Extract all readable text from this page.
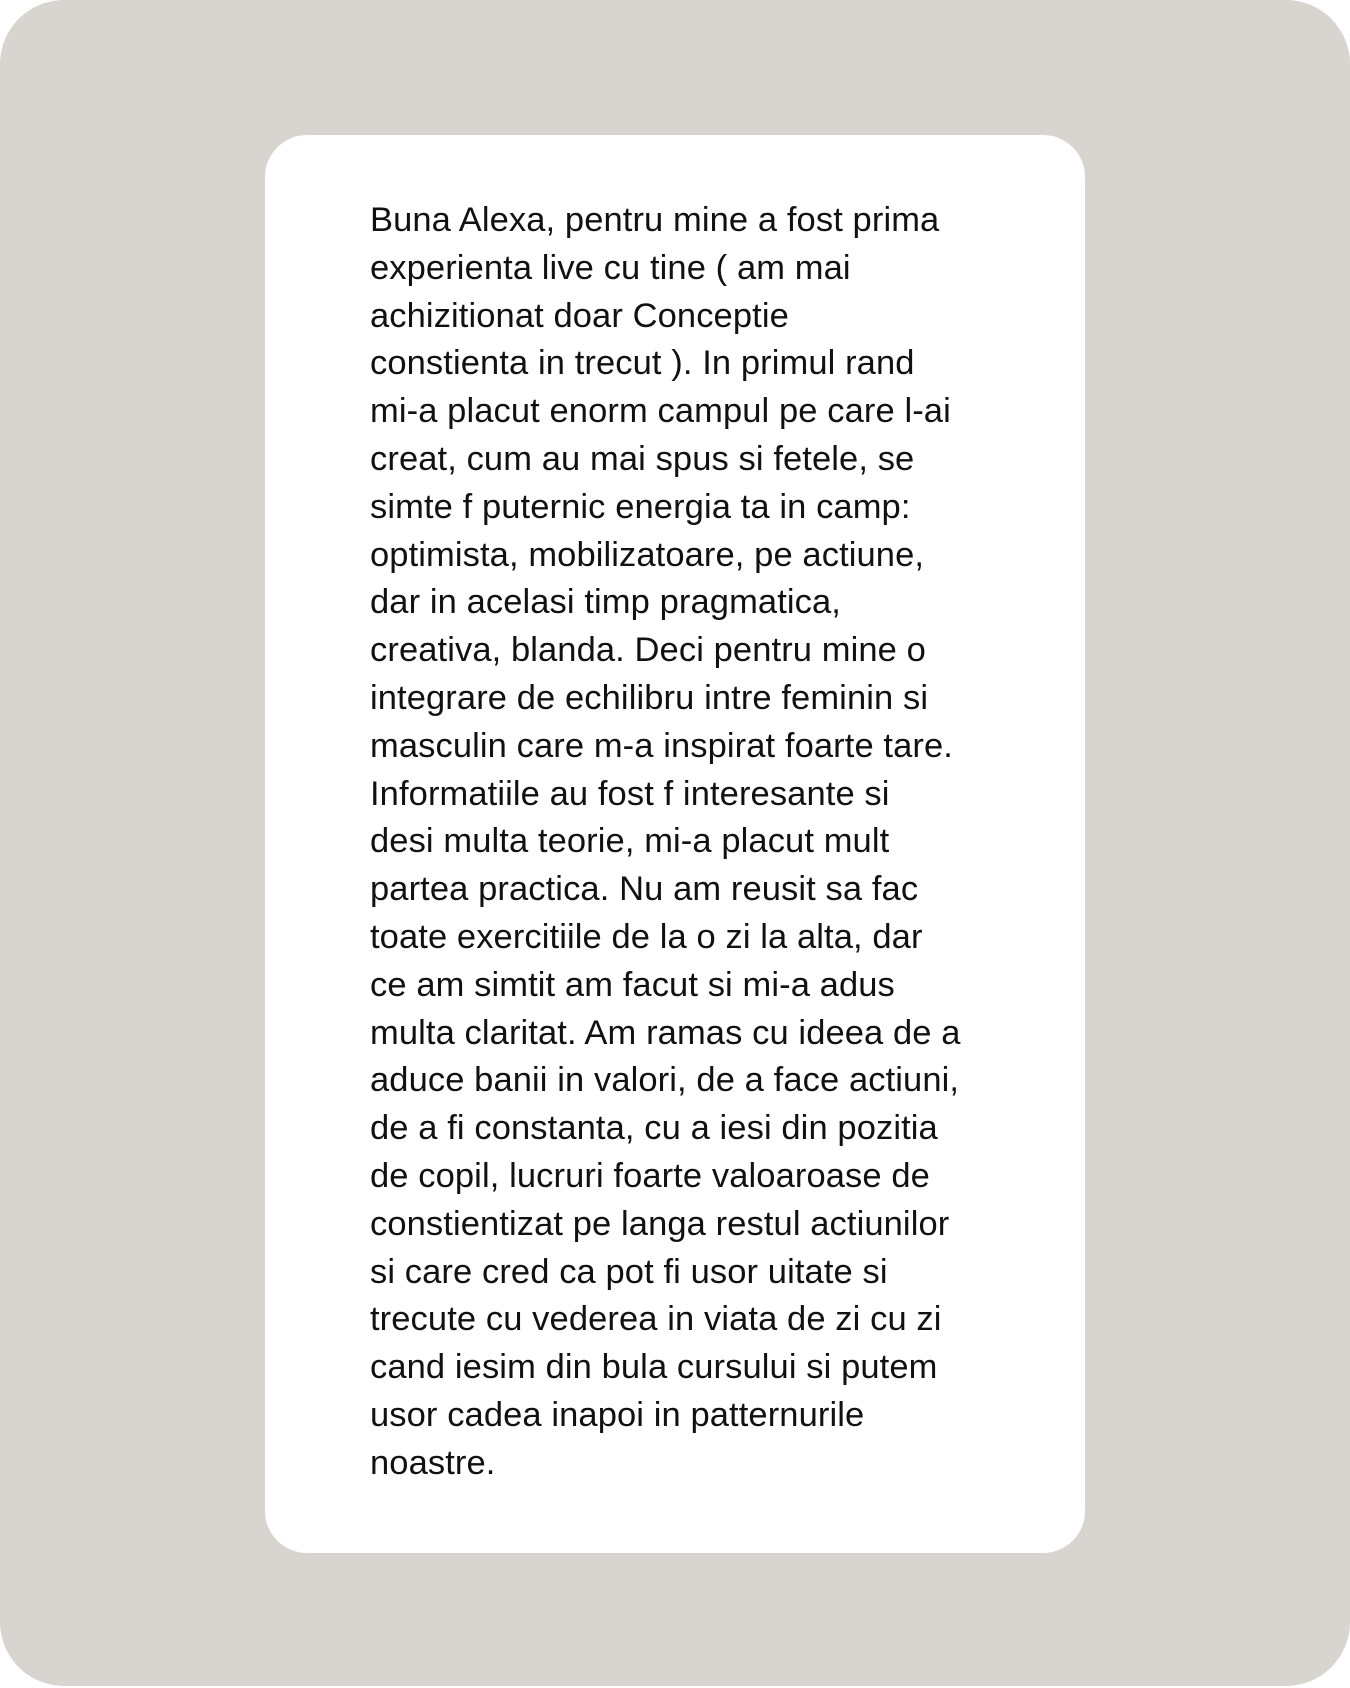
Buna Alexa, pentru mine a fost prima
experienta live cu tine ( am mai
achizitionat doar Conceptie
constienta in trecut ). In primul rand
mi-a placut enorm campul pe care l-ai
creat, cum au mai spus si fetele, se
simte f puternic energia ta in camp:
optimista, mobilizatoare, pe actiune,
dar in acelasi timp pragmatica,
creativa, blanda. Deci pentru mine o
integrare de echilibru intre feminin si
masculin care m-a inspirat foarte tare.
Informatiile au fost f interesante si
desi multa teorie, mi-a placut mult
partea practica. Nu am reusit sa fac
toate exercitiile de la o zi la alta, dar
ce am simtit am facut si mi-a adus
multa claritat. Am ramas cu ideea de a
aduce banii in valori, de a face actiuni,
de a fi constanta, cu a iesi din pozitia
de copil, lucruri foarte valoaroase de
constientizat pe langa restul actiunilor
si care cred ca pot fi usor uitate si
trecute cu vederea in viata de zi cu zi
cand iesim din bula cursului si putem
usor cadea inapoi in patternurile
noastre.
